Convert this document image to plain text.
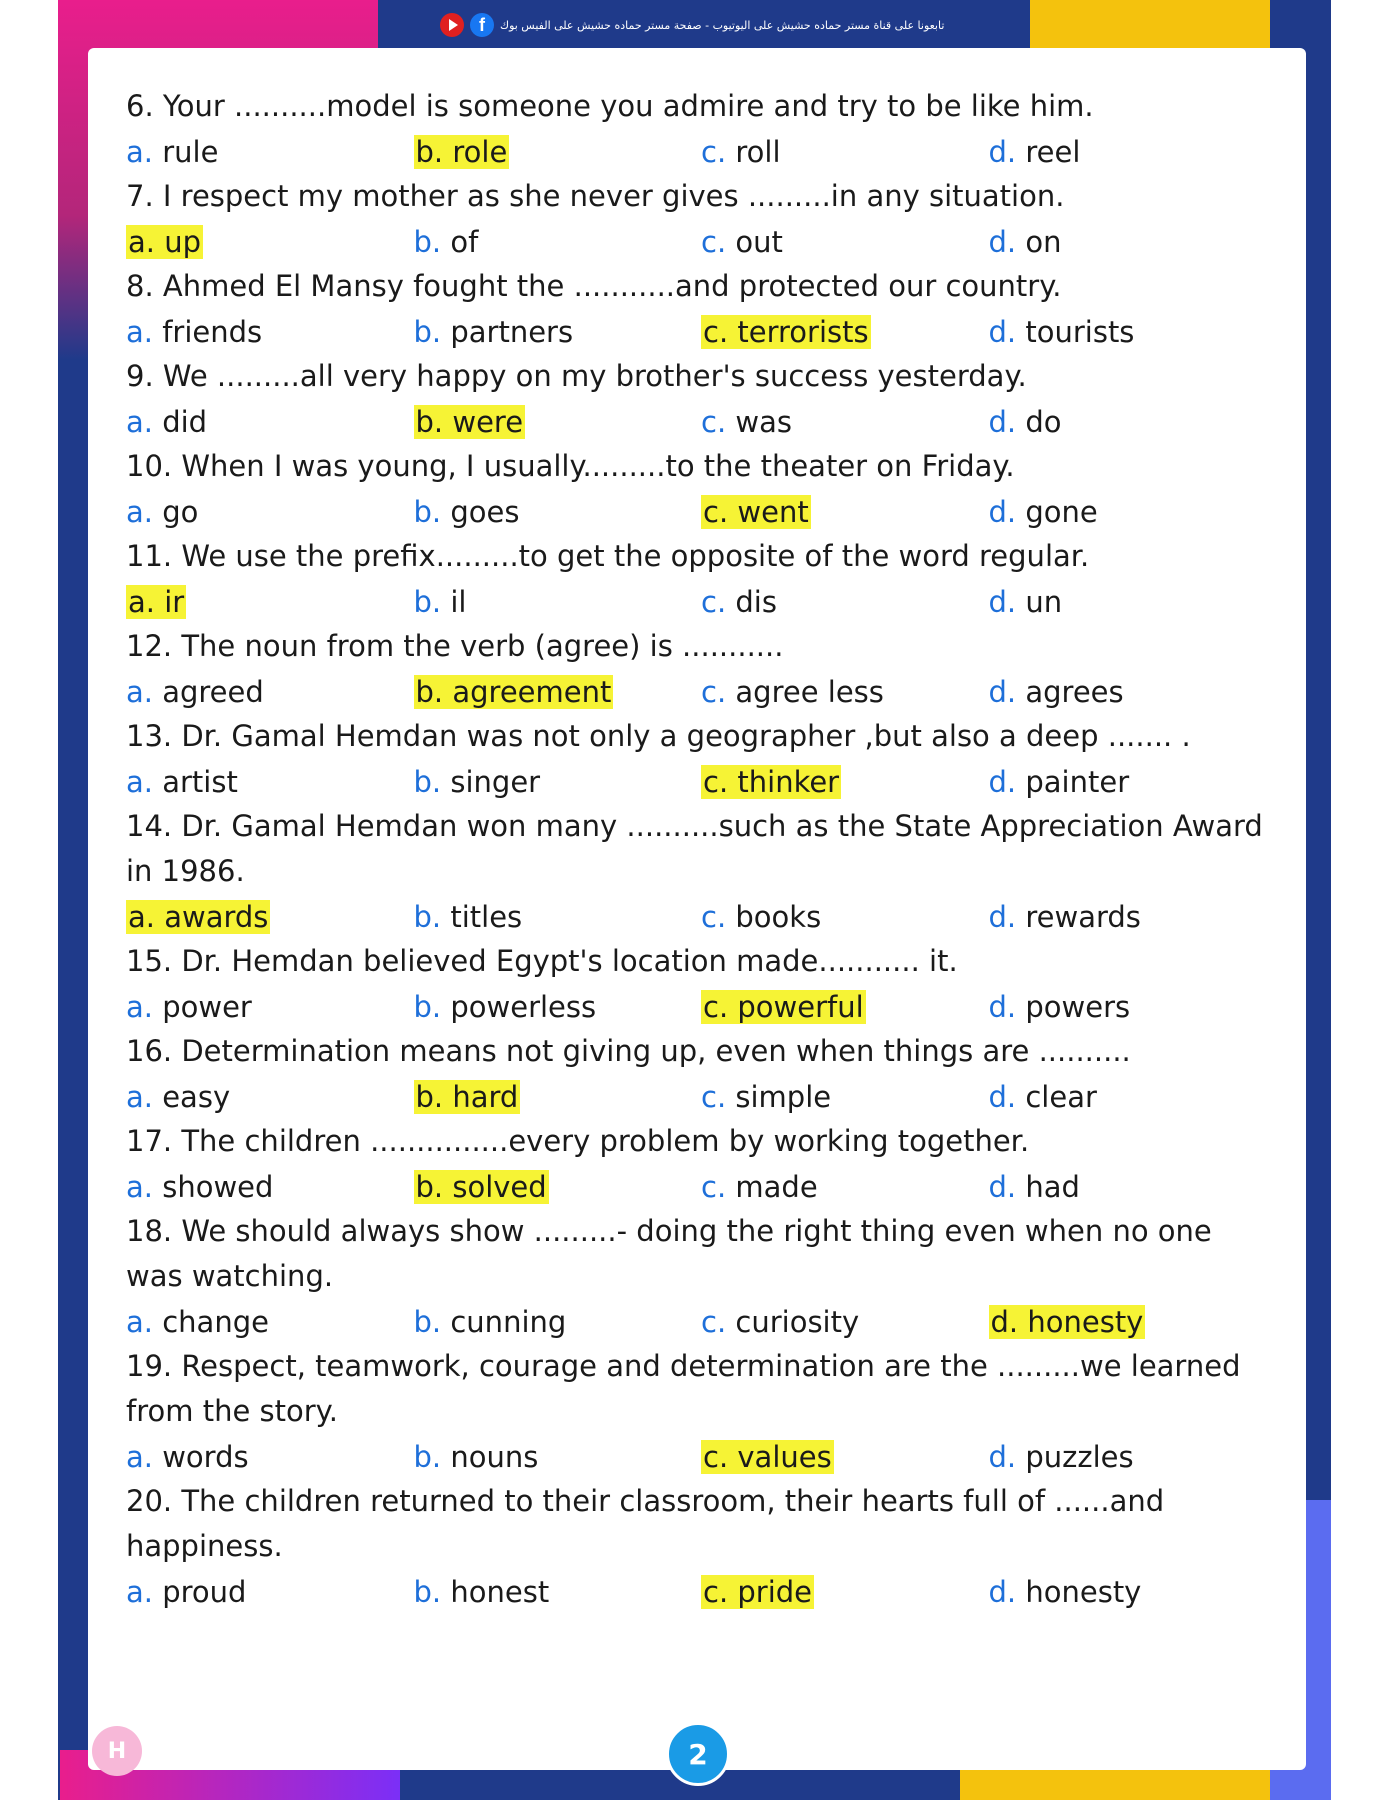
f	تابعونا على قناة مستر حماده حشيش على اليوتيوب - صفحة مستر حماده حشيش على الفيس بوك
6. Your ..........model is someone you admire and try to be like him.
a. rule	b. role	c. roll	d. reel
7. I respect my mother as she never gives .........in any situation.
a. up	b. of	c. out	d. on
8. Ahmed El Mansy fought the ...........and protected our country.
a. friends	b. partners	c. terrorists	d. tourists
9. We .........all very happy on my brother's success yesterday.
a. did	b. were	c. was	d. do
10. When I was young, I usually.........to the theater on Friday.
a. go	b. goes	c. went	d. gone
11. We use the prefix.........to get the opposite of the word regular.
a. ir	b. il	c. dis	d. un
12. The noun from the verb (agree) is ...........
a. agreed	b. agreement	c. agree less	d. agrees
13. Dr. Gamal Hemdan was not only a geographer ,but also a deep ....... .
a. artist	b. singer	c. thinker	d. painter
14. Dr. Gamal Hemdan won many ..........such as the State Appreciation Award in 1986.
a. awards	b. titles	c. books	d. rewards
15. Dr. Hemdan believed Egypt's location made........... it.
a. power	b. powerless	c. powerful	d. powers
16. Determination means not giving up, even when things are ..........
a. easy	b. hard	c. simple	d. clear
17. The children ...............every problem by working together.
a. showed	b. solved	c. made	d. had
18. We should always show .........- doing the right thing even when no one was watching.
a. change	b. cunning	c. curiosity	d. honesty
19. Respect, teamwork, courage and determination are the .........we learned from the story.
a. words	b. nouns	c. values	d. puzzles
20. The children returned to their classroom, their hearts full of ......and happiness.
a. proud	b. honest	c. pride	d. honesty
H	2
